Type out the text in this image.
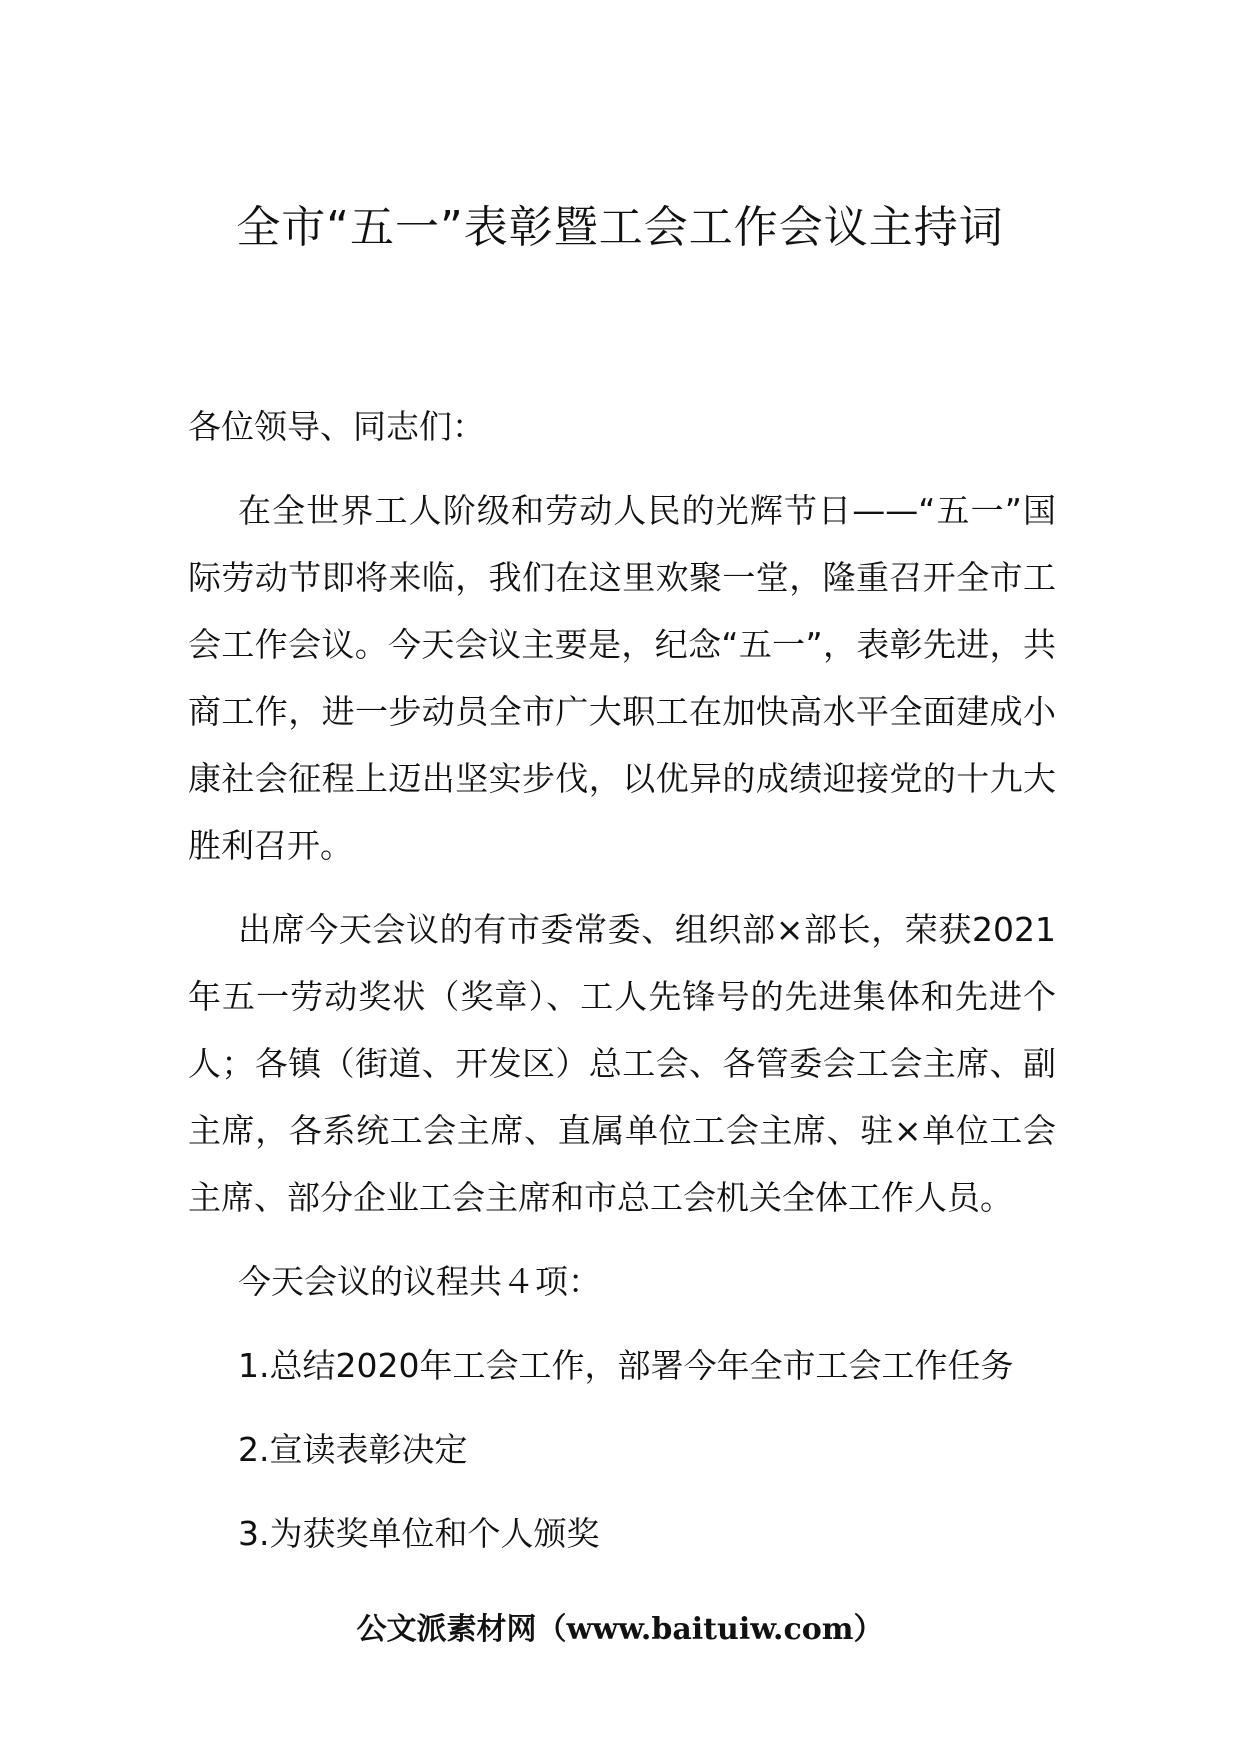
全市“五一”表彰暨工会工作会议主持词

各位领导、同志们：

在全世界工人阶级和劳动人民的光辉节日——“五一”国际劳动节即将来临，我们在这里欢聚一堂，隆重召开全市工会工作会议。今天会议主要是，纪念“五一”，表彰先进，共商工作，进一步动员全市广大职工在加快高水平全面建成小康社会征程上迈出坚实步伐，以优异的成绩迎接党的十九大胜利召开。

出席今天会议的有市委常委、组织部×部长，荣获2021年五一劳动奖状（奖章）、工人先锋号的先进集体和先进个人；各镇（街道、开发区）总工会、各管委会工会主席、副主席，各系统工会主席、直属单位工会主席、驻×单位工会主席、部分企业工会主席和市总工会机关全体工作人员。

今天会议的议程共４项：

1.总结2020年工会工作，部署今年全市工会工作任务

2.宣读表彰决定

3.为获奖单位和个人颁奖

公文派素材网（www.baituiw.com）
